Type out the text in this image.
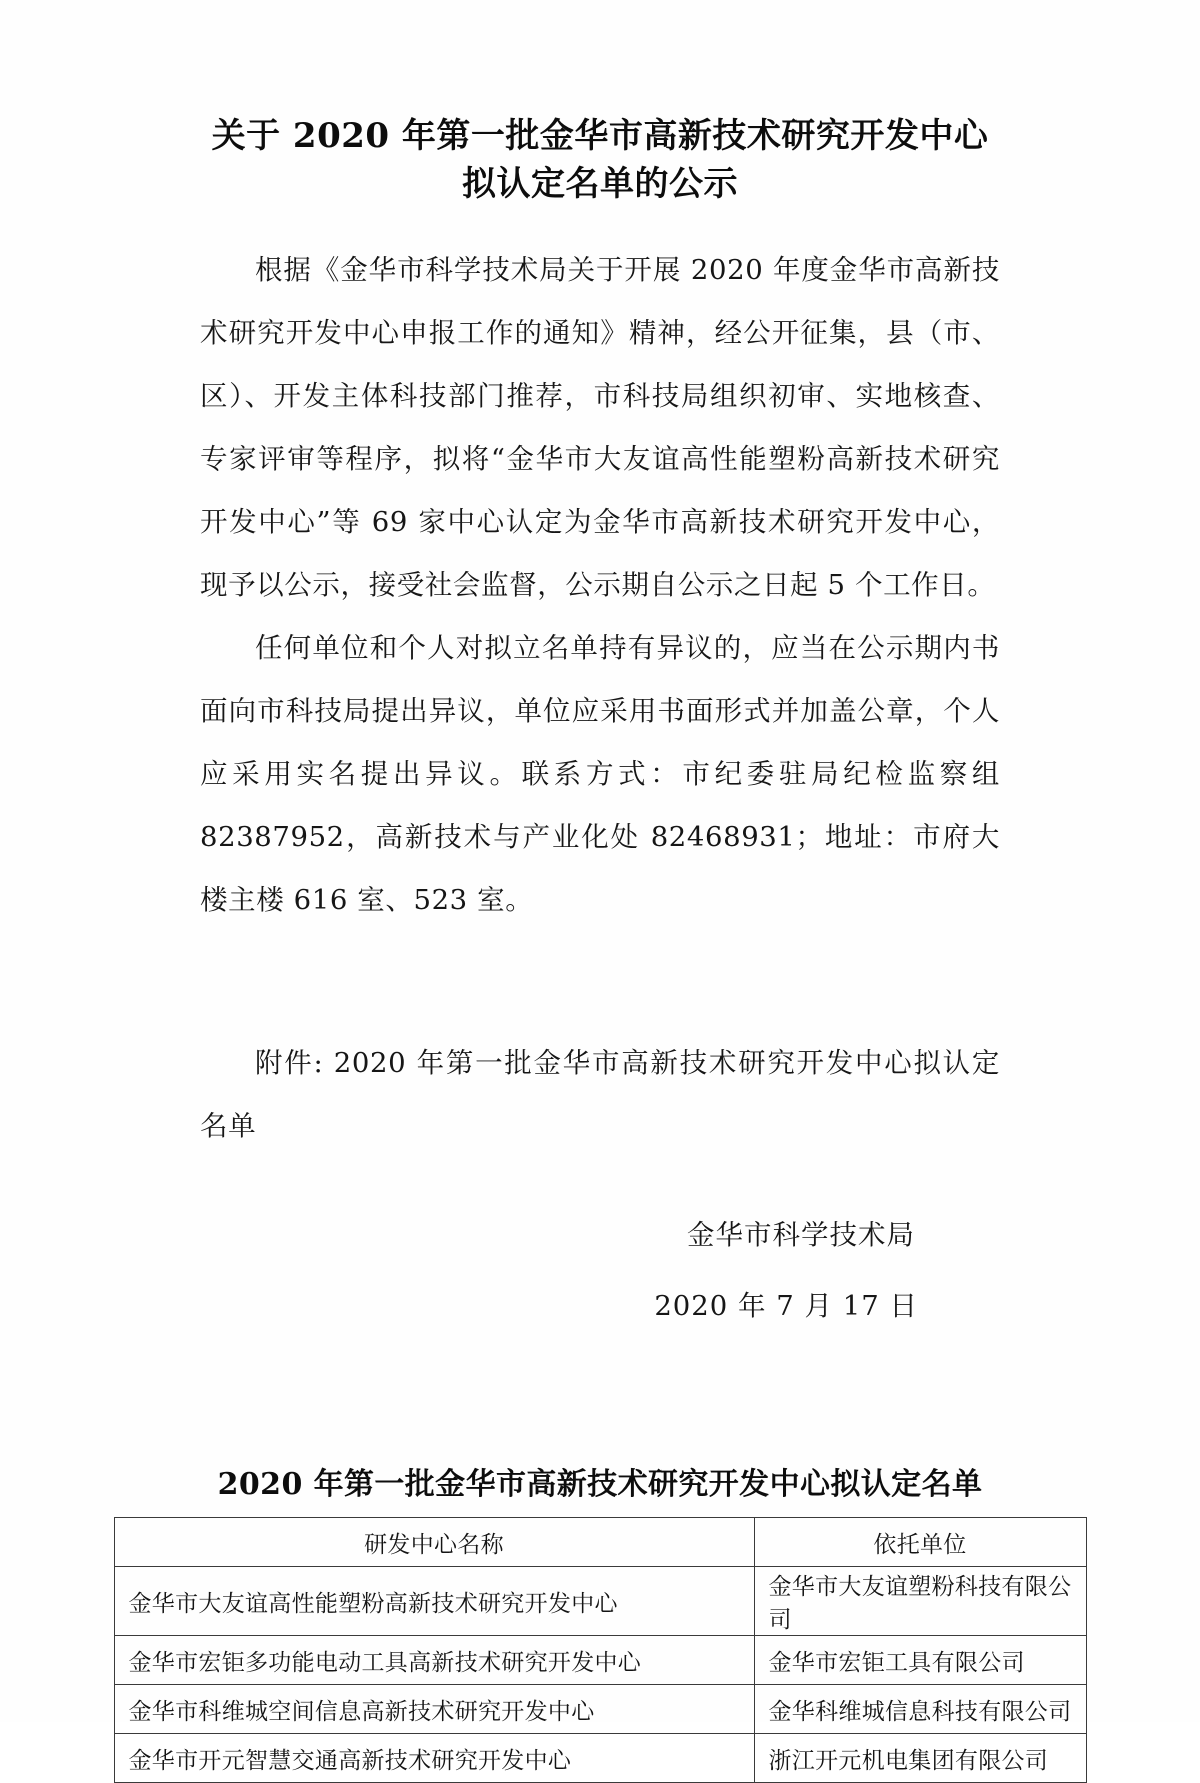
关于 2020 年第一批金华市高新技术研究开发中心拟认定名单的公示

根据《金华市科学技术局关于开展 2020 年度金华市高新技术研究开发中心申报工作的通知》精神，经公开征集，县（市、区）、开发主体科技部门推荐，市科技局组织初审、实地核查、专家评审等程序，拟将“金华市大友谊高性能塑粉高新技术研究开发中心”等 69 家中心认定为金华市高新技术研究开发中心，现予以公示，接受社会监督，公示期自公示之日起 5 个工作日。

任何单位和个人对拟立名单持有异议的，应当在公示期内书面向市科技局提出异议，单位应采用书面形式并加盖公章，个人应采用实名提出异议。联系方式：市纪委驻局纪检监察组 82387952，高新技术与产业化处 82468931；地址：市府大楼主楼 616 室、523 室。

附件: 2020 年第一批金华市高新技术研究开发中心拟认定名单

金华市科学技术局

2020 年 7 月 17 日

2020 年第一批金华市高新技术研究开发中心拟认定名单
研发中心名称	依托单位
金华市大友谊高性能塑粉高新技术研究开发中心	金华市大友谊塑粉科技有限公司
金华市宏钜多功能电动工具高新技术研究开发中心	金华市宏钜工具有限公司
金华市科维城空间信息高新技术研究开发中心	金华科维城信息科技有限公司
金华市开元智慧交通高新技术研究开发中心	浙江开元机电集团有限公司
